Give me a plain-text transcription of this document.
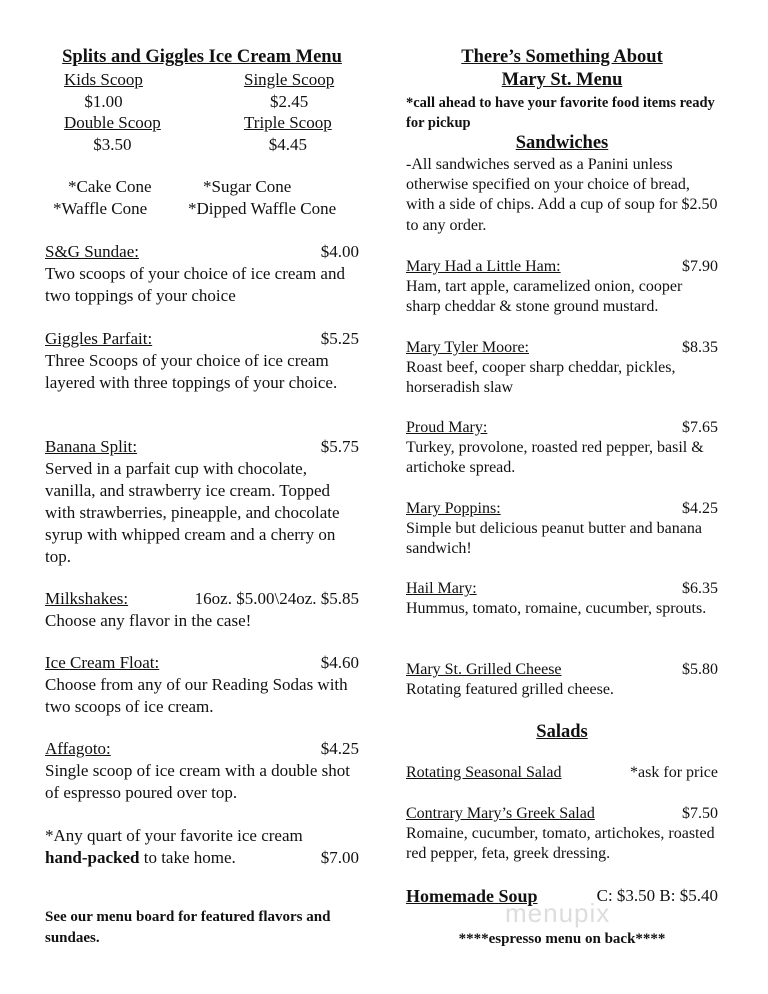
Splits and Giggles Ice Cream Menu
Kids Scoop
$1.00
Single Scoop
$2.45
Double Scoop
$3.50
Triple Scoop
$4.45
*Cake Cone	*Sugar Cone
*Waffle Cone	*Dipped Waffle Cone
S&G Sundae:	$4.00
Two scoops of your choice of ice cream and two toppings of your choice
Giggles Parfait:	$5.25
Three Scoops of your choice of ice cream layered with three toppings of your choice.
Banana Split:	$5.75
Served in a parfait cup with chocolate, vanilla, and strawberry ice cream. Topped with strawberries, pineapple, and chocolate syrup with whipped cream and a cherry on top.
Milkshakes:	16oz. $5.00\24oz. $5.85
Choose any flavor in the case!
Ice Cream Float:	$4.60
Choose from any of our Reading Sodas with two scoops of ice cream.
Affagoto:	$4.25
Single scoop of ice cream with a double shot of espresso poured over top.
*Any quart of your favorite ice cream
hand-packed to take home.	$7.00
See our menu board for featured flavors and sundaes.
There’s Something About
Mary St. Menu
*call ahead to have your favorite food items ready for pickup
Sandwiches
-All sandwiches served as a Panini unless otherwise specified on your choice of bread, with a side of chips. Add a cup of soup for $2.50 to any order.
Mary Had a Little Ham:	$7.90
Ham, tart apple, caramelized onion, cooper sharp cheddar & stone ground mustard.
Mary Tyler Moore:	$8.35
Roast beef, cooper sharp cheddar, pickles, horseradish slaw
Proud Mary:	$7.65
Turkey, provolone, roasted red pepper, basil & artichoke spread.
Mary Poppins:	$4.25
Simple but delicious peanut butter and banana sandwich!
Hail Mary:	$6.35
Hummus, tomato, romaine, cucumber, sprouts.
Mary St. Grilled Cheese	$5.80
Rotating featured grilled cheese.
Salads
Rotating Seasonal Salad	*ask for price
Contrary Mary’s Greek Salad	$7.50
Romaine, cucumber, tomato, artichokes, roasted red pepper, feta, greek dressing.
Homemade Soup	C: $3.50 B: $5.40
****espresso menu on back****
menupix
